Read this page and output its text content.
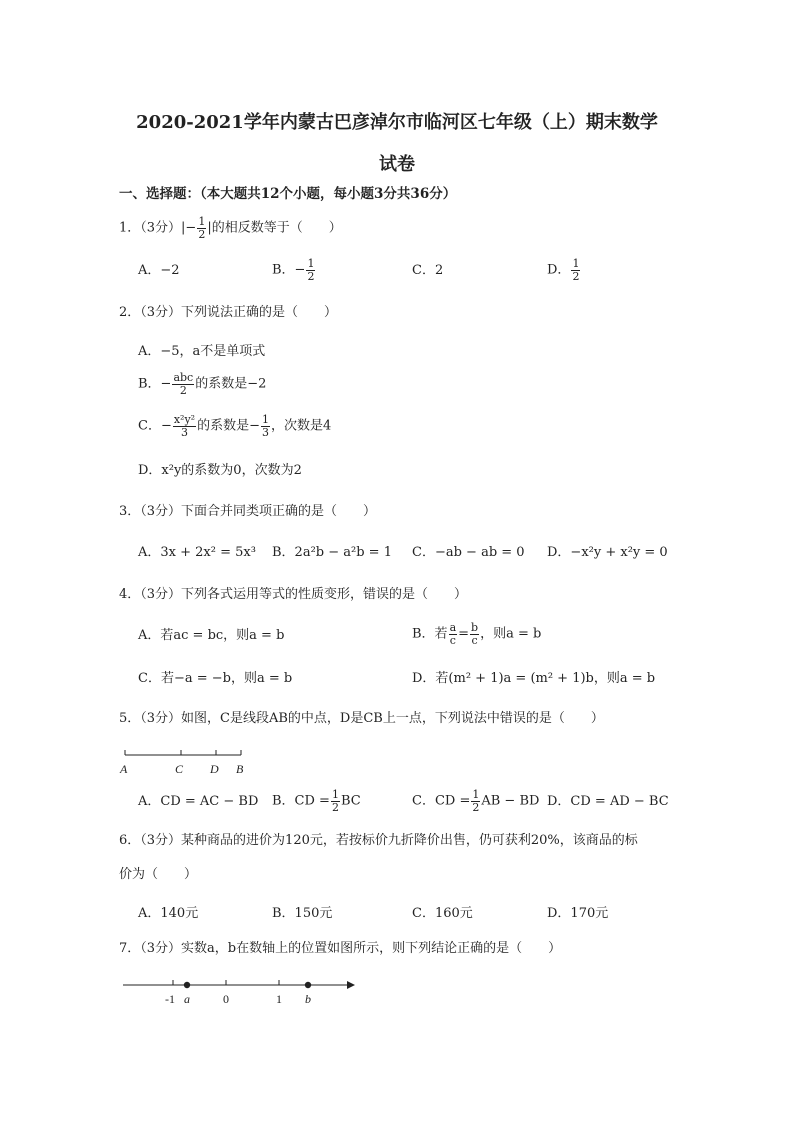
2020-2021学年内蒙古巴彦淖尔市临河区七年级（上）期末数学
试卷
一、选择题：（本大题共12个小题，每小题3分共36分）
1．（3分）|− $\frac{1}{2}$ |的相反数等于（　　）
A．−2	B．− $\frac{1}{2}$	C．2	D． $\frac{1}{2}$
2．（3分）下列说法正确的是（　　）
A．−5，a不是单项式
B．− $\frac{\text{abc}}{2}$ 的系数是−2
C．− $\frac{\text{x²y²}}{3}$ 的系数是− $\frac{1}{3}$ ，次数是4
D．x²y的系数为0，次数为2
3．（3分）下面合并同类项正确的是（　　）
A．3x + 2x² = 5x³ B．2a²b − a²b = 1 C．−ab − ab = 0 D．−x²y + x²y = 0
4．（3分）下列各式运用等式的性质变形，错误的是（　　）
A．若ac = bc，则a = b	B．若 $\frac{a}{c} = \frac{b}{c}$ ，则a = b
C．若−a = −b，则a = b	D．若(m² + 1)a = (m² + 1)b，则a = b
5．（3分）如图，C是线段AB的中点，D是CB上一点，下列说法中错误的是（　　）
A	C D B
A．CD = AC − BD B．CD = $\frac{1}{2}$ BC	C．CD = $\frac{1}{2}$ AB − BD D．CD = AD − BC
6．（3分）某种商品的进价为120元，若按标价九折降价出售，仍可获利20%，该商品的标
价为（　　）
A．140元	B．150元	C．160元	D．170元
7．（3分）实数a，b在数轴上的位置如图所示，则下列结论正确的是（　　）
-1	0	1
a	b
